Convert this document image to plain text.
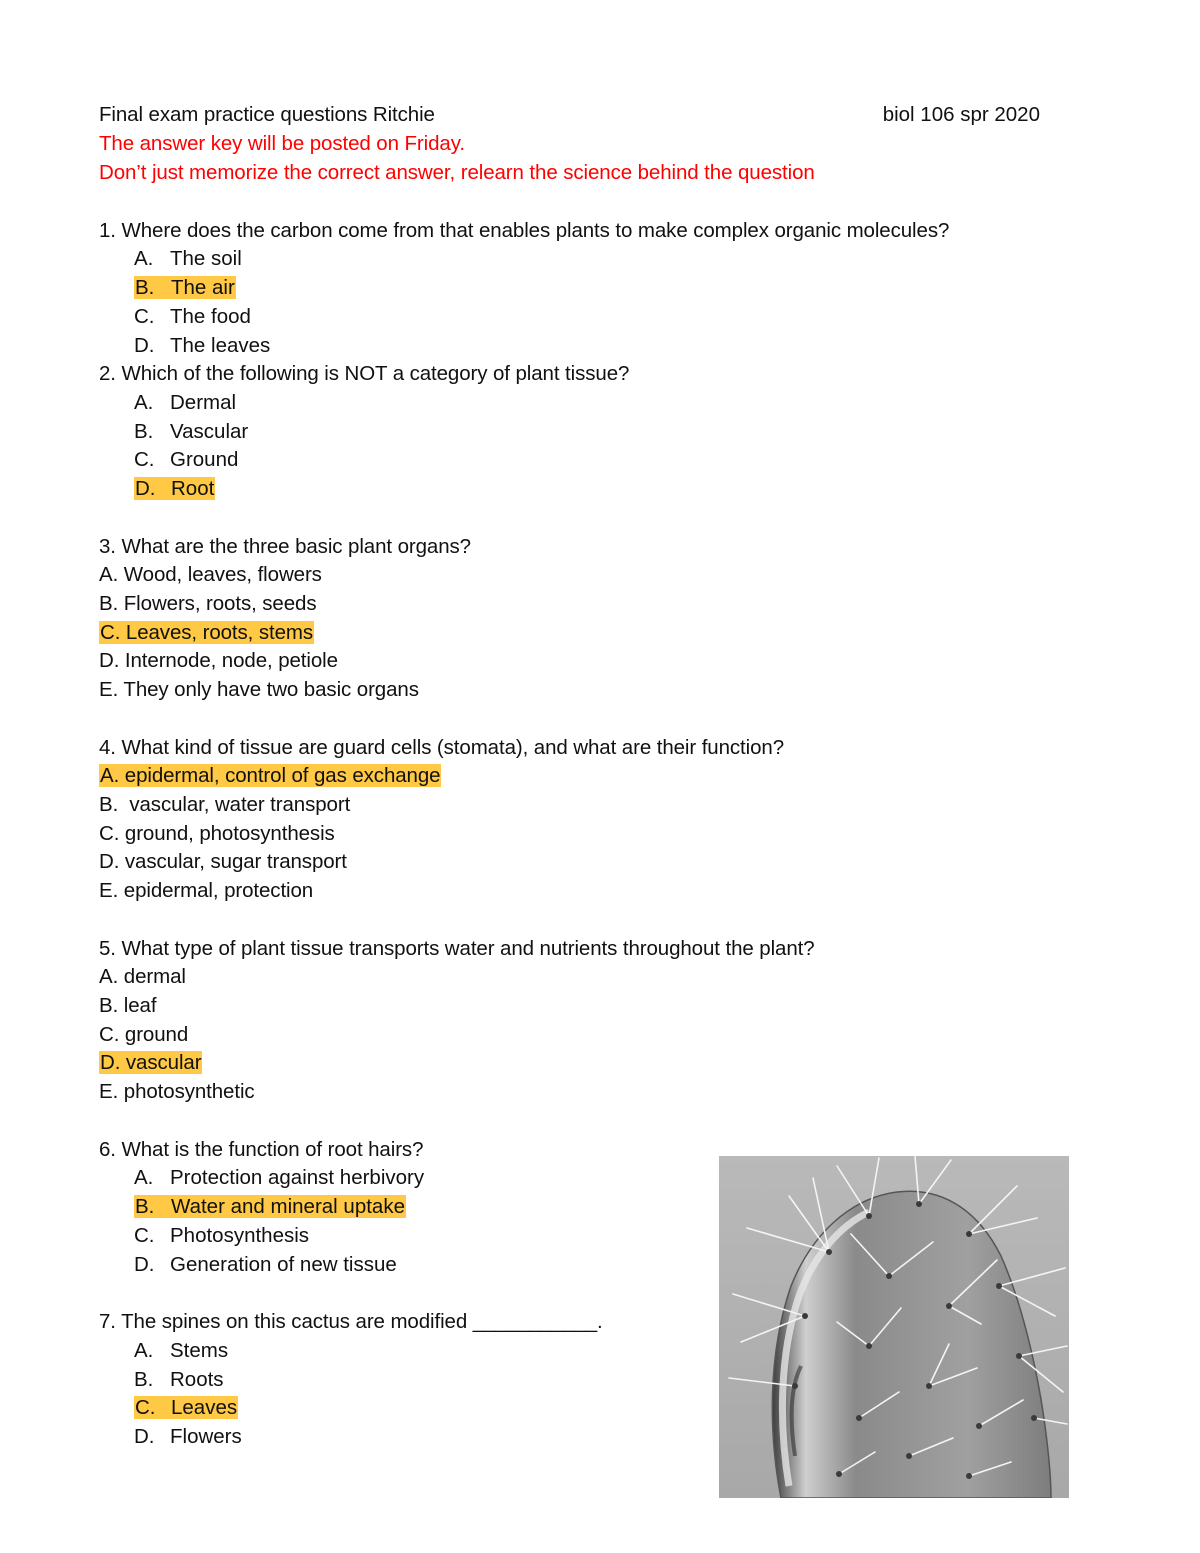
Final exam practice questions Ritchie	biol 106 spr 2020
The answer key will be posted on Friday.
Don’t just memorize the correct answer, relearn the science behind the question
1. Where does the carbon come from that enables plants to make complex organic molecules?
A. The soil
B. The air
C. The food
D. The leaves
2. Which of the following is NOT a category of plant tissue?
A. Dermal
B. Vascular
C. Ground
D. Root
3. What are the three basic plant organs?
A. Wood, leaves, flowers
B. Flowers, roots, seeds
C. Leaves, roots, stems
D. Internode, node, petiole
E. They only have two basic organs
4. What kind of tissue are guard cells (stomata), and what are their function?
A. epidermal, control of gas exchange
B.  vascular, water transport
C. ground, photosynthesis
D. vascular, sugar transport
E. epidermal, protection
5. What type of plant tissue transports water and nutrients throughout the plant?
A. dermal
B. leaf
C. ground
D. vascular
E. photosynthetic
6. What is the function of root hairs?
A. Protection against herbivory
B. Water and mineral uptake
C. Photosynthesis
D. Generation of new tissue
7. The spines on this cactus are modified ___________.
A. Stems
B. Roots
C. Leaves
D. Flowers
